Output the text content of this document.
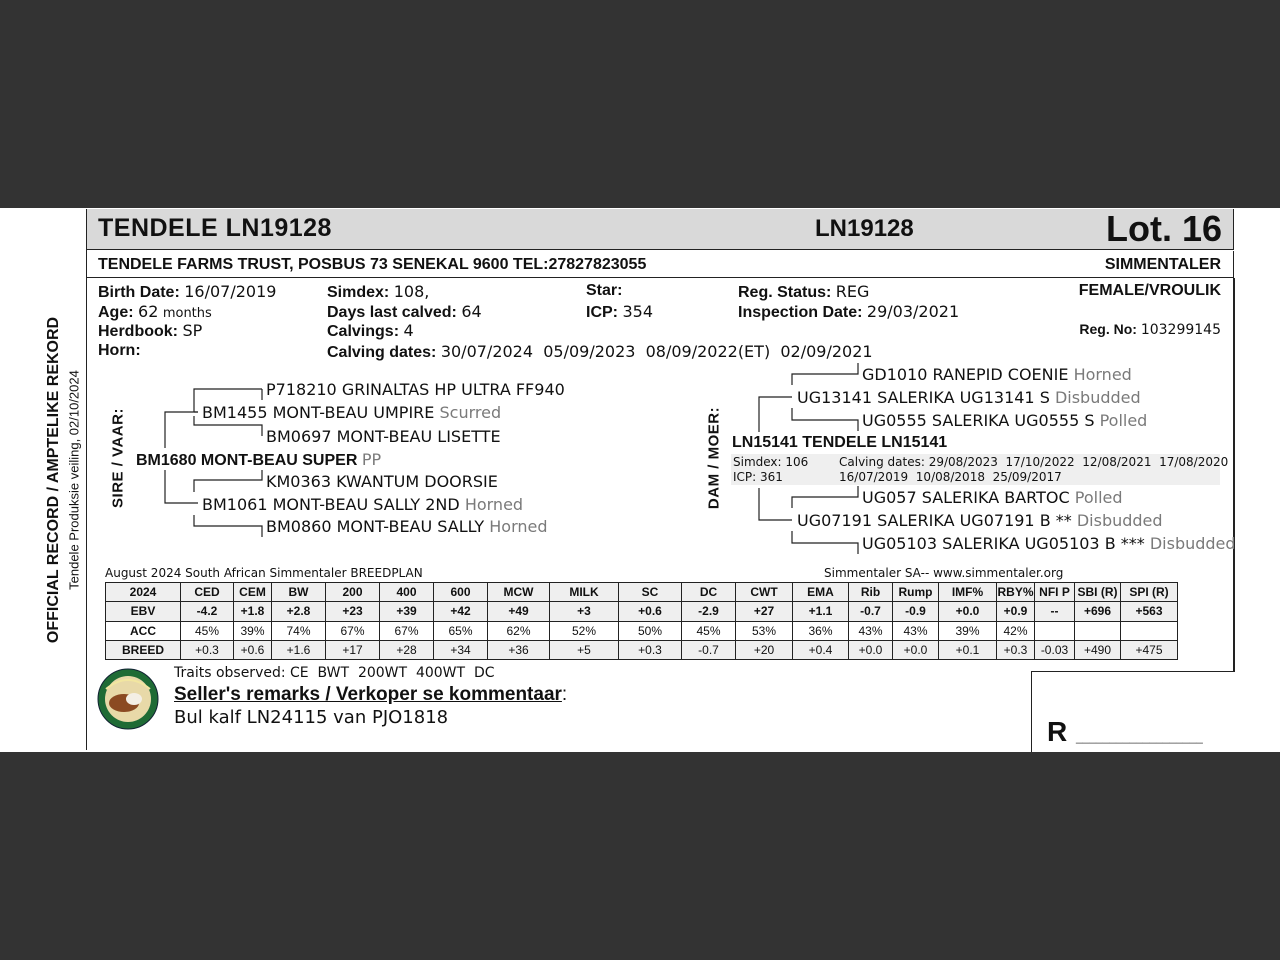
OFFICIAL RECORD / AMPTELIKE REKORD Tendele Produksie veiling, 02/10/2024
TENDELE LN19128	LN19128	Lot. 16
TENDELE FARMS TRUST, POSBUS 73 SENEKAL 9600 TEL:27827823055	SIMMENTALER
Birth Date: 16/07/2019
Age: 62 months
Herdbook: SP
Horn:
Simdex: 108,
Days last calved: 64
Calvings: 4
Calving dates: 30/07/2024  05/09/2023  08/09/2022(ET)  02/09/2021
Star:
ICP: 354
Reg. Status: REG
Inspection Date: 29/03/2021
FEMALE/VROULIK
Reg. No: 103299145
SIRE / VAAR:
P718210 GRINALTAS HP ULTRA FF940
BM1455 MONT-BEAU UMPIRE Scurred
BM0697 MONT-BEAU LISETTE
BM1680 MONT-BEAU SUPER PP
KM0363 KWANTUM DOORSIE
BM1061 MONT-BEAU SALLY 2ND Horned
BM0860 MONT-BEAU SALLY Horned
DAM / MOER:
GD1010 RANEPID COENIE Horned
UG13141 SALERIKA UG13141 S Disbudded
UG0555 SALERIKA UG0555 S Polled
LN15141 TENDELE LN15141
Simdex: 106
ICP: 361
Calving dates: 29/08/2023  17/10/2022  12/08/2021  17/08/2020
16/07/2019  10/08/2018  25/09/2017
UG057 SALERIKA BARTOC Polled
UG07191 SALERIKA UG07191 B ** Disbudded
UG05103 SALERIKA UG05103 B *** Disbudded
August 2024 South African Simmentaler BREEDPLAN	Simmentaler SA-- www.simmentaler.org
2024	CED	CEM	BW	200	400	600	MCW	MILK	SC	DC	CWT	EMA	Rib	Rump	IMF%	RBY%	NFI P	SBI (R)	SPI (R)
EBV	-4.2	+1.8	+2.8	+23	+39	+42	+49	+3	+0.6	-2.9	+27	+1.1	-0.7	-0.9	+0.0	+0.9	--	+696	+563
ACC	45%	39%	74%	67%	67%	65%	62%	52%	50%	45%	53%	36%	43%	43%	39%	42%			
BREED	+0.3	+0.6	+1.6	+17	+28	+34	+36	+5	+0.3	-0.7	+20	+0.4	+0.0	+0.0	+0.1	+0.3	-0.03	+490	+475
Traits observed: CE  BWT  200WT  400WT  DC
Seller's remarks / Verkoper se kommentaar:
Bul kalf LN24115 van PJO1818	R ___________________
